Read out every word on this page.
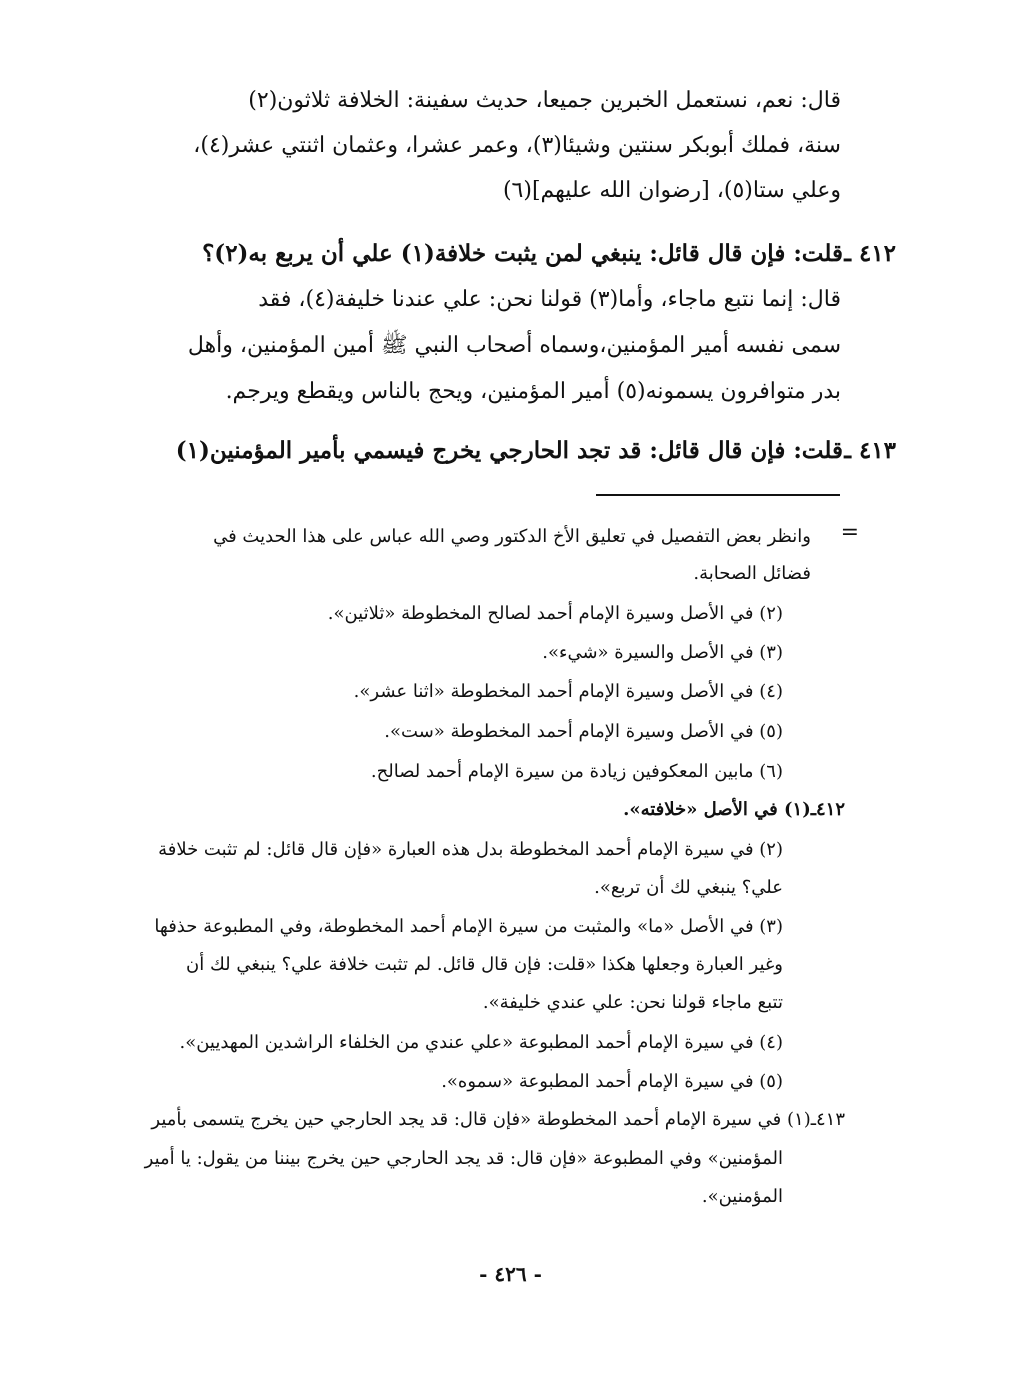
قال: نعم، نستعمل الخبرين جميعا، حديث سفينة: الخلافة ثلاثون(٢)
سنة، فملك أبوبكر سنتين وشيئا(٣)، وعمر عشرا، وعثمان اثنتي عشر(٤)،
وعلي ستا(٥)، [رضوان الله عليهم](٦)
٤١٢ ـ
قلت: فإن قال قائل: ينبغي لمن يثبت خلافة(١) علي أن يربع به(٢)؟
قال: إنما نتبع ماجاء، وأما(٣) قولنا نحن: علي عندنا خليفة(٤)، فقد
سمى نفسه أمير المؤمنين،وسماه أصحاب النبي ﷺ أمين المؤمنين، وأهل
بدر متوافرون يسمونه(٥) أمير المؤمنين، ويحج بالناس ويقطع ويرجم.
٤١٣ ـ
قلت: فإن قال قائل: قد تجد الحارجي يخرج فيسمي بأمير المؤمنين(١)
=
وانظر بعض التفصيل في تعليق الأخ الدكتور وصي الله عباس على هذا الحديث في
فضائل الصحابة.
(٢) في الأصل وسيرة الإمام أحمد لصالح المخطوطة «ثلاثين».
(٣) في الأصل والسيرة «شيء».
(٤) في الأصل وسيرة الإمام أحمد المخطوطة «اثنا عشر».
(٥) في الأصل وسيرة الإمام أحمد المخطوطة «ست».
(٦) مابين المعكوفين زيادة من سيرة الإمام أحمد لصالح.
٤١٢ـ(١) في الأصل «خلافته».
(٢) في سيرة الإمام أحمد المخطوطة بدل هذه العبارة «فإن قال قائل: لم تثبت خلافة
علي؟ ينبغي لك أن تربع».
(٣) في الأصل «ما» والمثبت من سيرة الإمام أحمد المخطوطة، وفي المطبوعة حذفها
وغير العبارة وجعلها هكذا «قلت: فإن قال قائل. لم تثبت خلافة علي؟ ينبغي لك أن
تتبع ماجاء قولنا نحن: علي عندي خليفة».
(٤) في سيرة الإمام أحمد المطبوعة «علي عندي من الخلفاء الراشدين المهديين».
(٥) في سيرة الإمام أحمد المطبوعة «سموه».
٤١٣ـ(١) في سيرة الإمام أحمد المخطوطة «فإن قال: قد يجد الحارجي حين يخرج يتسمى بأمير
المؤمنين» وفي المطبوعة «فإن قال: قد يجد الحارجي حين يخرج بيننا من يقول: يا أمير
المؤمنين».
- ٤٢٦ -
